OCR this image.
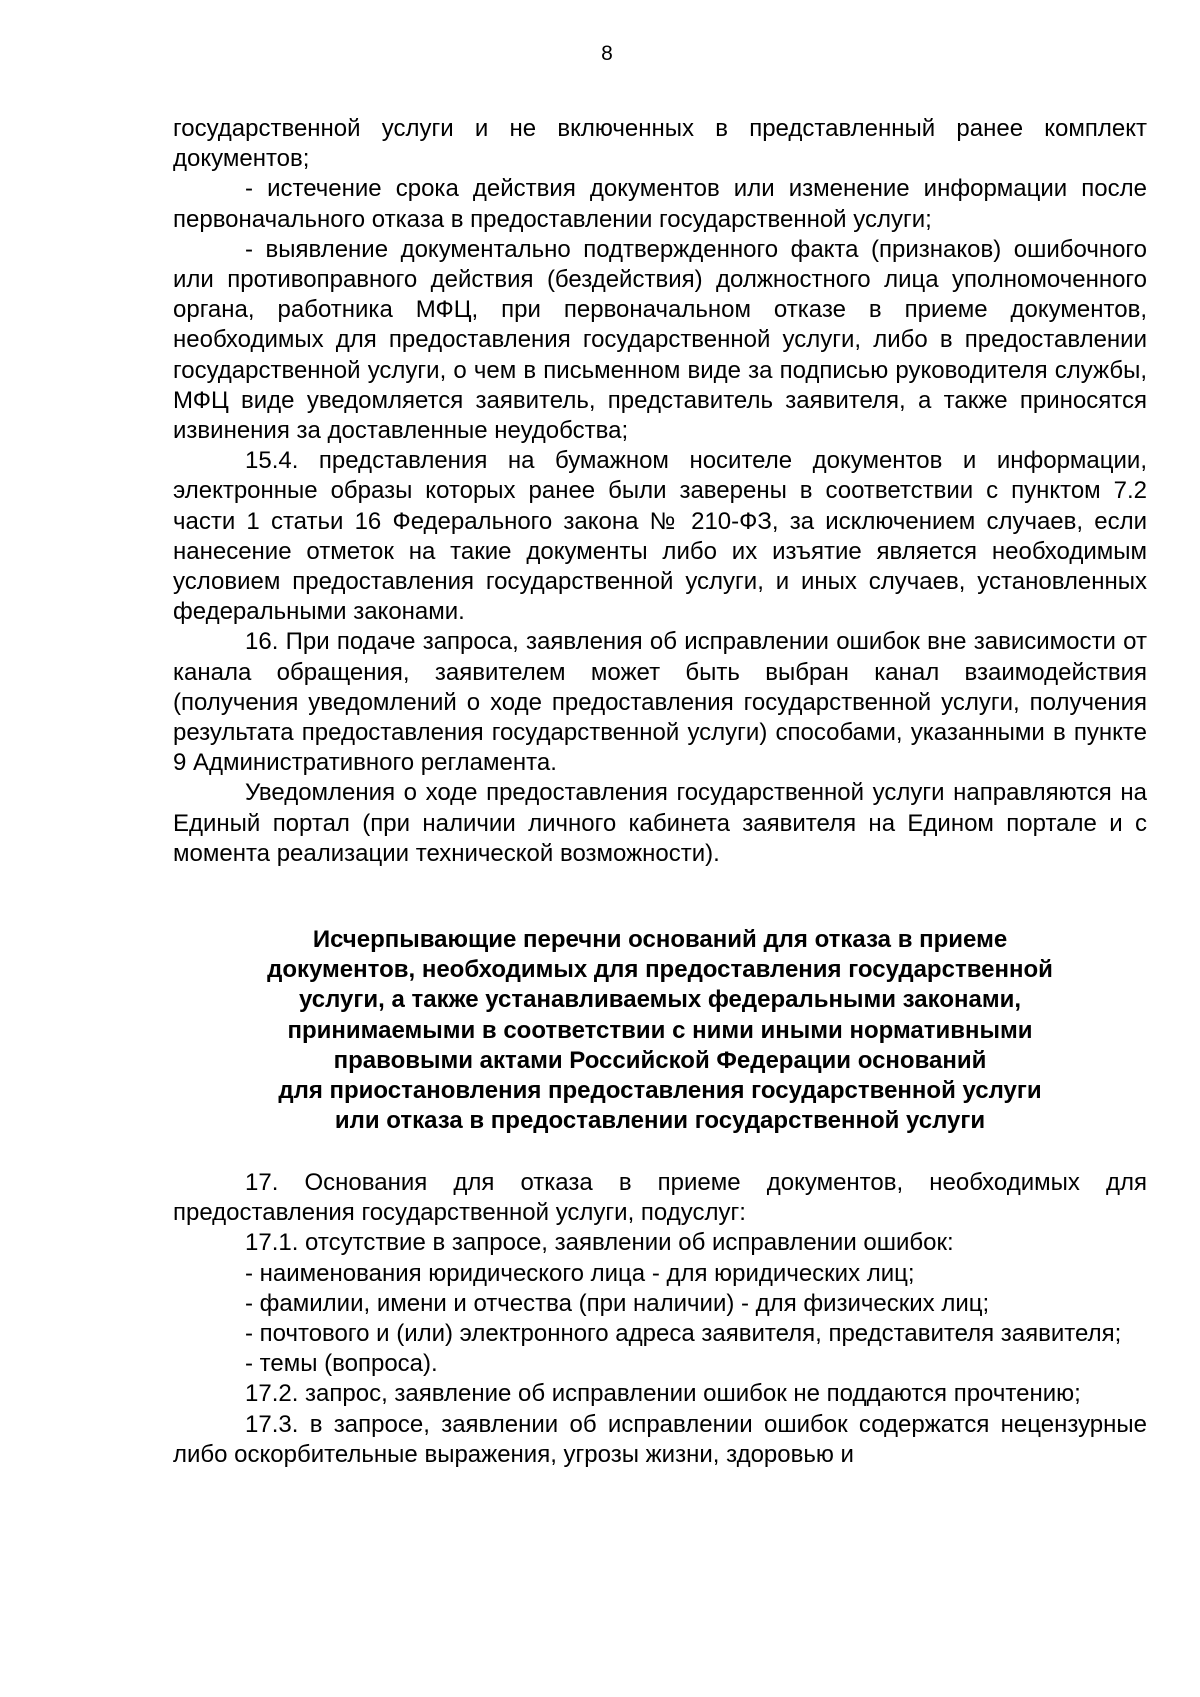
8

государственной услуги и не включенных в представленный ранее комплект документов;

- истечение срока действия документов или изменение информации после первоначального отказа в предоставлении государственной услуги;

- выявление документально подтвержденного факта (признаков) ошибочного или противоправного действия (бездействия) должностного лица уполномоченного органа, работника МФЦ, при первоначальном отказе в приеме документов, необходимых для предоставления государственной услуги, либо в предоставлении государственной услуги, о чем в письменном виде за подписью руководителя службы, МФЦ виде уведомляется заявитель, представитель заявителя, а также приносятся извинения за доставленные неудобства;

15.4. представления на бумажном носителе документов и информации, электронные образы которых ранее были заверены в соответствии с пунктом 7.2 части 1 статьи 16 Федерального закона № 210-ФЗ, за исключением случаев, если нанесение отметок на такие документы либо их изъятие является необходимым условием предоставления государственной услуги, и иных случаев, установленных федеральными законами.

16. При подаче запроса, заявления об исправлении ошибок вне зависимости от канала обращения, заявителем может быть выбран канал взаимодействия (получения уведомлений о ходе предоставления государственной услуги, получения результата предоставления государственной услуги) способами, указанными в пункте 9 Административного регламента.

Уведомления о ходе предоставления государственной услуги направляются на Единый портал (при наличии личного кабинета заявителя на Едином портале и с момента реализации технической возможности).

Исчерпывающие перечни оснований для отказа в приеме
документов, необходимых для предоставления государственной
услуги, а также устанавливаемых федеральными законами,
принимаемыми в соответствии с ними иными нормативными
правовыми актами Российской Федерации оснований
для приостановления предоставления государственной услуги
или отказа в предоставлении государственной услуги

17. Основания для отказа в приеме документов, необходимых для предоставления государственной услуги, подуслуг:

17.1. отсутствие в запросе, заявлении об исправлении ошибок:

- наименования юридического лица - для юридических лиц;

- фамилии, имени и отчества (при наличии) - для физических лиц;

- почтового и (или) электронного адреса заявителя, представителя заявителя;

- темы (вопроса).

17.2. запрос, заявление об исправлении ошибок не поддаются прочтению;

17.3. в запросе, заявлении об исправлении ошибок содержатся нецензурные либо оскорбительные выражения, угрозы жизни, здоровью и
